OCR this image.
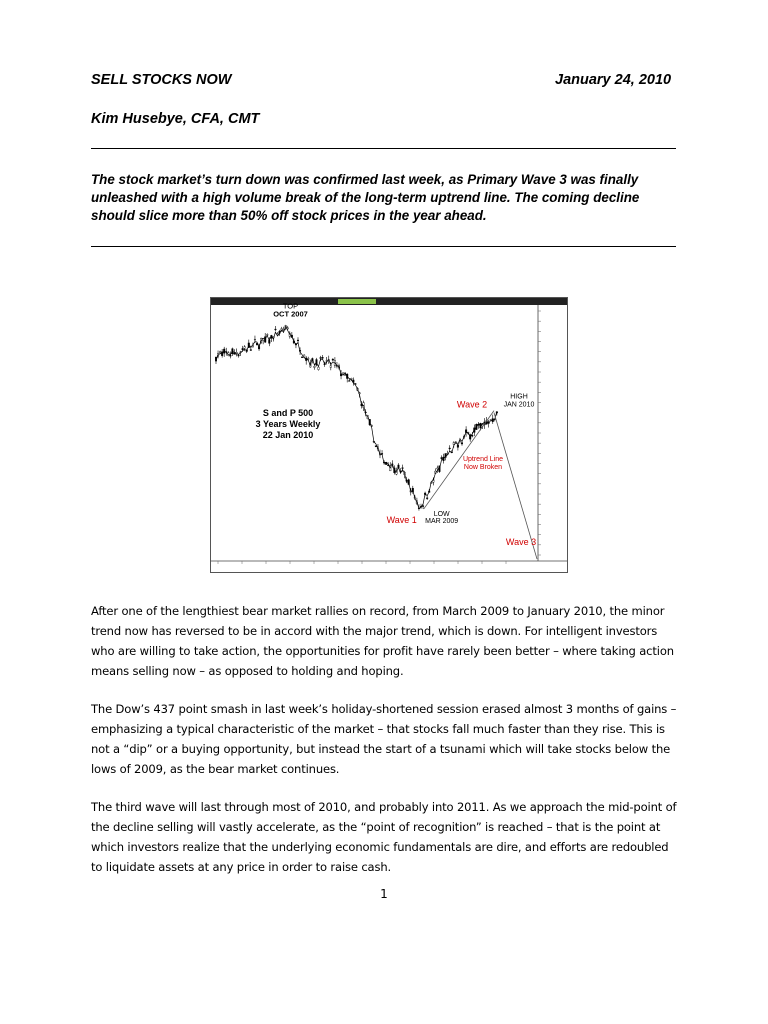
SELL STOCKS NOW	January 24, 2010
Kim Husebye, CFA, CMT
The stock market’s turn down was confirmed last week, as Primary Wave 3 was finally unleashed with a high volume break of the long-term uptrend line. The coming decline should slice more than 50% off stock prices in the year ahead.
TOP
OCT 2007
S and P 500
3 Years Weekly
22 Jan 2010
Wave 2
HIGH
JAN 2010
Uptrend Line
Now Broken
Wave 1
LOW
MAR 2009
Wave 3
After one of the lengthiest bear market rallies on record, from March 2009 to January 2010, the minor
trend now has reversed to be in accord with the major trend, which is down. For intelligent investors
who are willing to take action, the opportunities for profit have rarely been better – where taking action
means selling now – as opposed to holding and hoping.
The Dow’s 437 point smash in last week’s holiday-shortened session erased almost 3 months of gains –
emphasizing a typical characteristic of the market – that stocks fall much faster than they rise. This is
not a “dip” or a buying opportunity, but instead the start of a tsunami which will take stocks below the
lows of 2009, as the bear market continues.
The third wave will last through most of 2010, and probably into 2011. As we approach the mid-point of
the decline selling will vastly accelerate, as the “point of recognition” is reached – that is the point at
which investors realize that the underlying economic fundamentals are dire, and efforts are redoubled
to liquidate assets at any price in order to raise cash.
1
